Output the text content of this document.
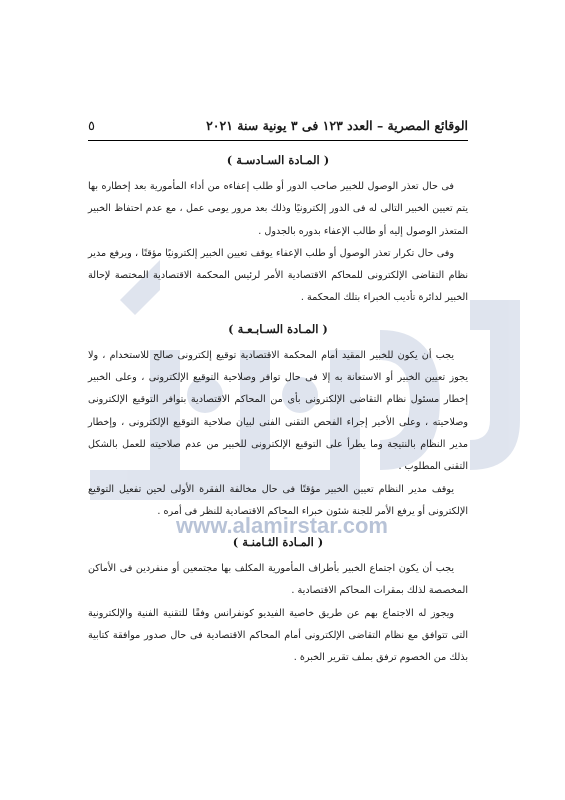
www.alamirstar.com
الوقائع المصرية – العدد ١٢٣ فى ٣ يونية سنة ٢٠٢١
٥
( المـادة السـادسـة )

فى حال تعذر الوصول للخبير صاحب الدور أو طلب إعفاءه من أداء المأمورية بعد إخطاره بها يتم تعيين الخبير التالى له فى الدور إلكترونيًا وذلك بعد مرور يومى عمل ، مع عدم احتفاظ الخبير المتعذر الوصول إليه أو طالب الإعفاء بدوره بالجدول .

وفى حال تكرار تعذر الوصول أو طلب الإعفاء يوقف تعيين الخبير إلكترونيًا مؤقتًا ، ويرفع مدير نظام التقاضى الإلكترونى للمحاكم الاقتصادية الأمر لرئيس المحكمة الاقتصادية المختصة لإحالة الخبير لدائرة تأديب الخبراء بتلك المحكمة .

( المـادة السـابـعـة )

يجب أن يكون للخبير المقيد أمام المحكمة الاقتصادية توقيع إلكترونى صالح للاستخدام ، ولا يجوز تعيين الخبير أو الاستعانة به إلا فى حال توافر وصلاحية التوقيع الإلكترونى ، وعلى الخبير إخطار مسئول نظام التقاضى الإلكترونى بأى من المحاكم الاقتصادية بتوافر التوقيع الإلكترونى وصلاحيته ، وعلى الأخير إجراء الفحص التقنى الفنى لبيان صلاحية التوقيع الإلكترونى ، وإخطار مدير النظام بالنتيجة وما يطرأ على التوقيع الإلكترونى للخبير من عدم صلاحيته للعمل بالشكل التقنى المطلوب .

يوقف مدير النظام تعيين الخبير مؤقتًا فى حال مخالفة الفقرة الأولى لحين تفعيل التوقيع الإلكترونى أو يرفع الأمر للجنة شئون خبراء المحاكم الاقتصادية للنظر فى أمره .

( المـادة الثـامنـة )

يجب أن يكون اجتماع الخبير بأطراف المأمورية المكلف بها مجتمعين أو منفردين فى الأماكن المخصصة لذلك بمقرات المحاكم الاقتصادية .

ويجوز له الاجتماع بهم عن طريق خاصية الفيديو كونفرانس وفقًا للتقنية الفنية والإلكترونية التى تتوافق مع نظام التقاضى الإلكترونى أمام المحاكم الاقتصادية فى حال صدور موافقة كتابية بذلك من الخصوم ترفق بملف تقرير الخبرة .
